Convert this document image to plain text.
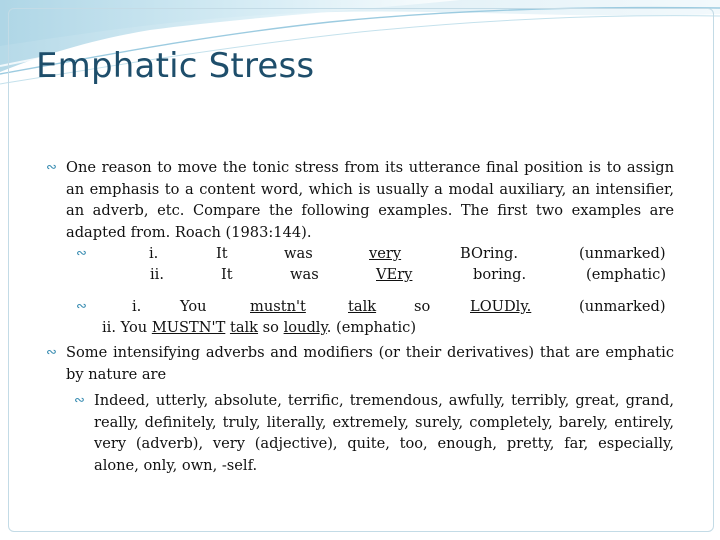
Emphatic Stress
∾ One reason to move the tonic stress from its utterance final position is to assign an emphasis to a content word, which is usually a modal auxiliary, an intensifier, an adverb, etc. Compare the following examples. The first two examples are adapted from. Roach (1983:144).
∾	i.	It	was	very	BOring.	(unmarked)
ii.	It	was	VEry	boring.	(emphatic)
∾	i.	You	mustn't	talk	so	LOUDly.	(unmarked)
ii. You MUSTN'T talk so loudly. (emphatic)
∾ Some intensifying adverbs and modifiers (or their derivatives) that are emphatic by nature are
∾ Indeed, utterly, absolute, terrific, tremendous, awfully, terribly, great, grand, really, definitely, truly, literally, extremely, surely, completely, barely, entirely, very (adverb), very (adjective), quite, too, enough, pretty, far, especially, alone, only, own, -self.
